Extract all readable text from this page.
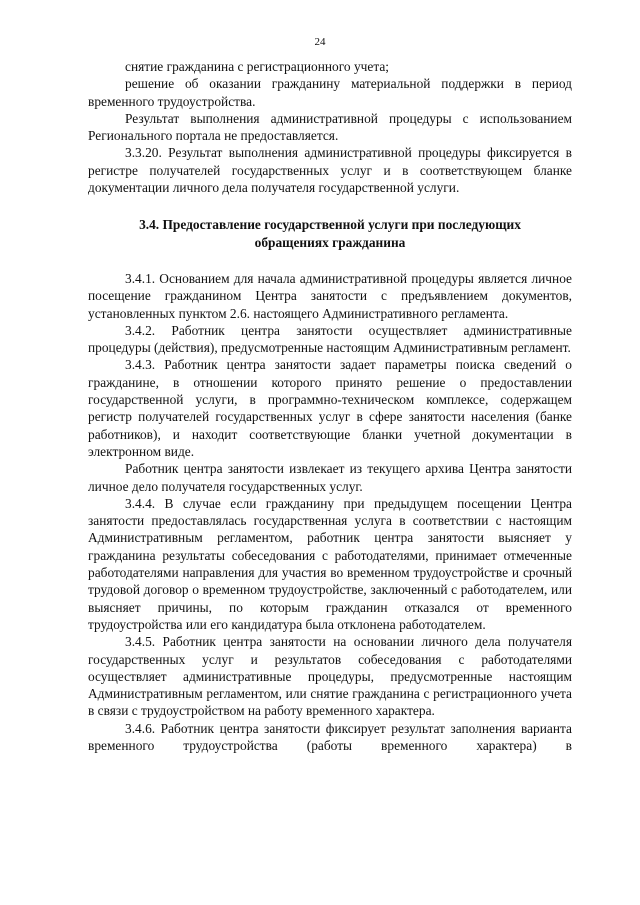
24

снятие гражданина с регистрационного учета;

решение об оказании гражданину материальной поддержки в период временного трудоустройства.

Результат выполнения административной процедуры с использованием Регионального портала не предоставляется.

3.3.20. Результат выполнения административной процедуры фиксируется в регистре получателей государственных услуг и в соответствующем бланке документации личного дела получателя государственной услуги.

3.4. Предоставление государственной услуги при последующих
обращениях гражданина

3.4.1. Основанием для начала административной процедуры является личное посещение гражданином Центра занятости с предъявлением документов, установленных пунктом 2.6. настоящего Административного регламента.

3.4.2. Работник центра занятости осуществляет административные процедуры (действия), предусмотренные настоящим Административным регламент.

3.4.3. Работник центра занятости задает параметры поиска сведений о гражданине, в отношении которого принято решение о предоставлении государственной услуги, в программно-техническом комплексе, содержащем регистр получателей государственных услуг в сфере занятости населения (банке работников), и находит соответствующие бланки учетной документации в электронном виде.

Работник центра занятости извлекает из текущего архива Центра занятости личное дело получателя государственных услуг.

3.4.4. В случае если гражданину при предыдущем посещении Центра занятости предоставлялась государственная услуга в соответствии с настоящим Административным регламентом, работник центра занятости выясняет у гражданина результаты собеседования с работодателями, принимает отмеченные работодателями направления для участия во временном трудоустройстве и срочный трудовой договор о временном трудоустройстве, заключенный с работодателем, или выясняет причины, по которым гражданин отказался от временного трудоустройства или его кандидатура была отклонена работодателем.

3.4.5. Работник центра занятости на основании личного дела получателя государственных услуг и результатов собеседования с работодателями осуществляет административные процедуры, предусмотренные настоящим Административным регламентом, или снятие гражданина с регистрационного учета в связи с трудоустройством на работу временного характера.

3.4.6. Работник центра занятости фиксирует результат заполнения варианта временного трудоустройства (работы временного характера) в
